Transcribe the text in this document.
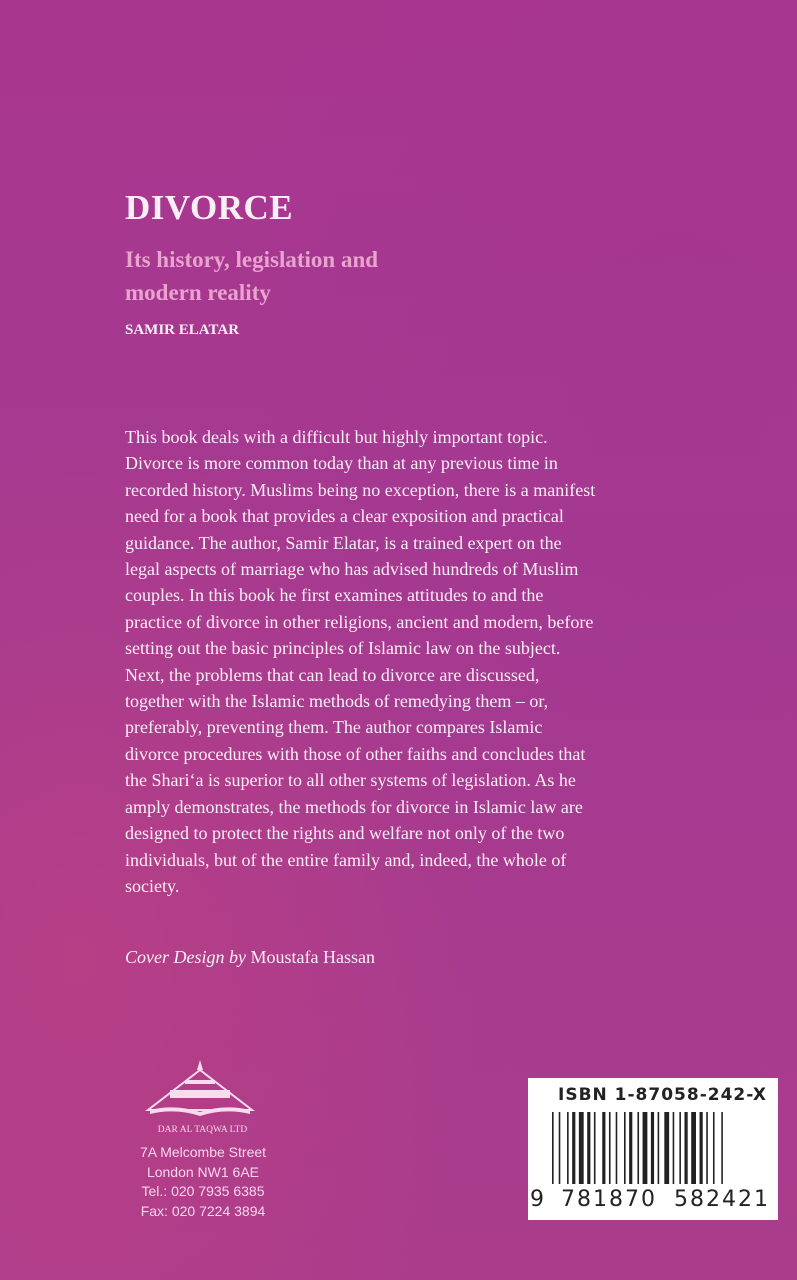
DIVORCE
Its history, legislation and modern reality
SAMIR ELATAR
This book deals with a difficult but highly important topic.
Divorce is more common today than at any previous time in
recorded history. Muslims being no exception, there is a manifest
need for a book that provides a clear exposition and practical
guidance. The author, Samir Elatar, is a trained expert on the
legal aspects of marriage who has advised hundreds of Muslim
couples. In this book he first examines attitudes to and the
practice of divorce in other religions, ancient and modern, before
setting out the basic principles of Islamic law on the subject.
Next, the problems that can lead to divorce are discussed,
together with the Islamic methods of remedying them – or,
preferably, preventing them. The author compares Islamic
divorce procedures with those of other faiths and concludes that
the Shari‘a is superior to all other systems of legislation. As he
amply demonstrates, the methods for divorce in Islamic law are
designed to protect the rights and welfare not only of the two
individuals, but of the entire family and, indeed, the whole of
society.
Cover Design by Moustafa Hassan
DAR AL TAQWA LTD
7A Melcombe Street
London NW1 6AE
Tel.: 020 7935 6385
Fax: 020 7224 3894
ISBN 1-87058-242-X
9 781870 582421
